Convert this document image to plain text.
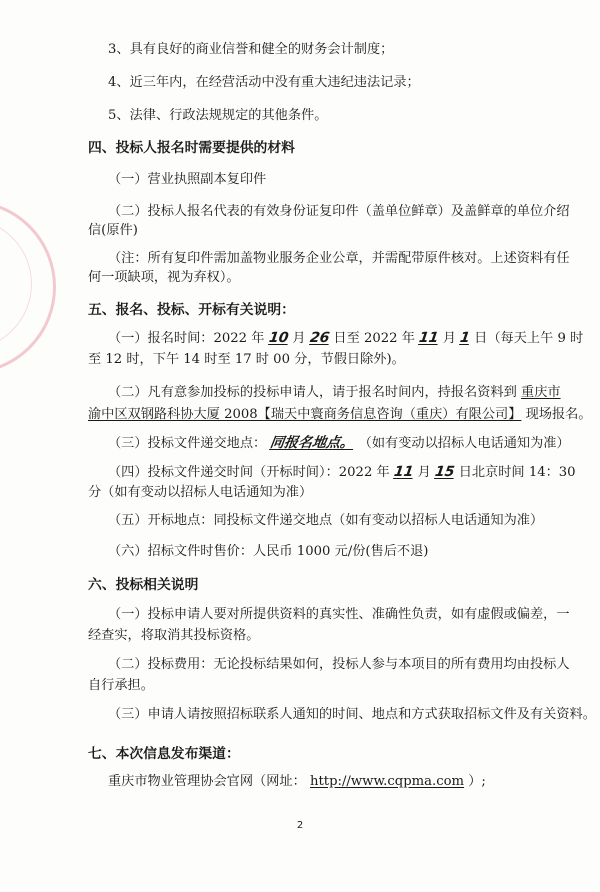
3、具有良好的商业信誉和健全的财务会计制度；
4、近三年内，在经营活动中没有重大违纪违法记录；
5、法律、行政法规规定的其他条件。
四、投标人报名时需要提供的材料
（一）营业执照副本复印件
（二）投标人报名代表的有效身份证复印件（盖单位鲜章）及盖鲜章的单位介绍
信(原件)
（注：所有复印件需加盖物业服务企业公章，并需配带原件核对。上述资料有任
何一项缺项，视为弃权）。
五、报名、投标、开标有关说明：
（一）报名时间：2022 年 10 月 26 日至 2022 年 11 月 1 日（每天上午 9 时
至 12 时，下午 14 时至 17 时 00 分，节假日除外)。
（二）凡有意参加投标的投标申请人，请于报名时间内，持报名资料到 重庆市
渝中区双钢路科协大厦 2008【瑞天中寰商务信息咨询（重庆）有限公司】 现场报名。
（三）投标文件递交地点： 同报名地点。 （如有变动以招标人电话通知为准）
（四）投标文件递交时间（开标时间）：2022 年 11 月 15 日北京时间 14：30
分（如有变动以招标人电话通知为准）
（五）开标地点：同投标文件递交地点（如有变动以招标人电话通知为准）
（六）招标文件时售价：人民币 1000 元/份(售后不退)
六、投标相关说明
（一）投标申请人要对所提供资料的真实性、准确性负责，如有虚假或偏差，一
经查实，将取消其投标资格。
（二）投标费用：无论投标结果如何，投标人参与本项目的所有费用均由投标人
自行承担。
（三）申请人请按照招标联系人通知的时间、地点和方式获取招标文件及有关资料。
七、本次信息发布渠道：
重庆市物业管理协会官网（网址： http://www.cqpma.com ）;
2
